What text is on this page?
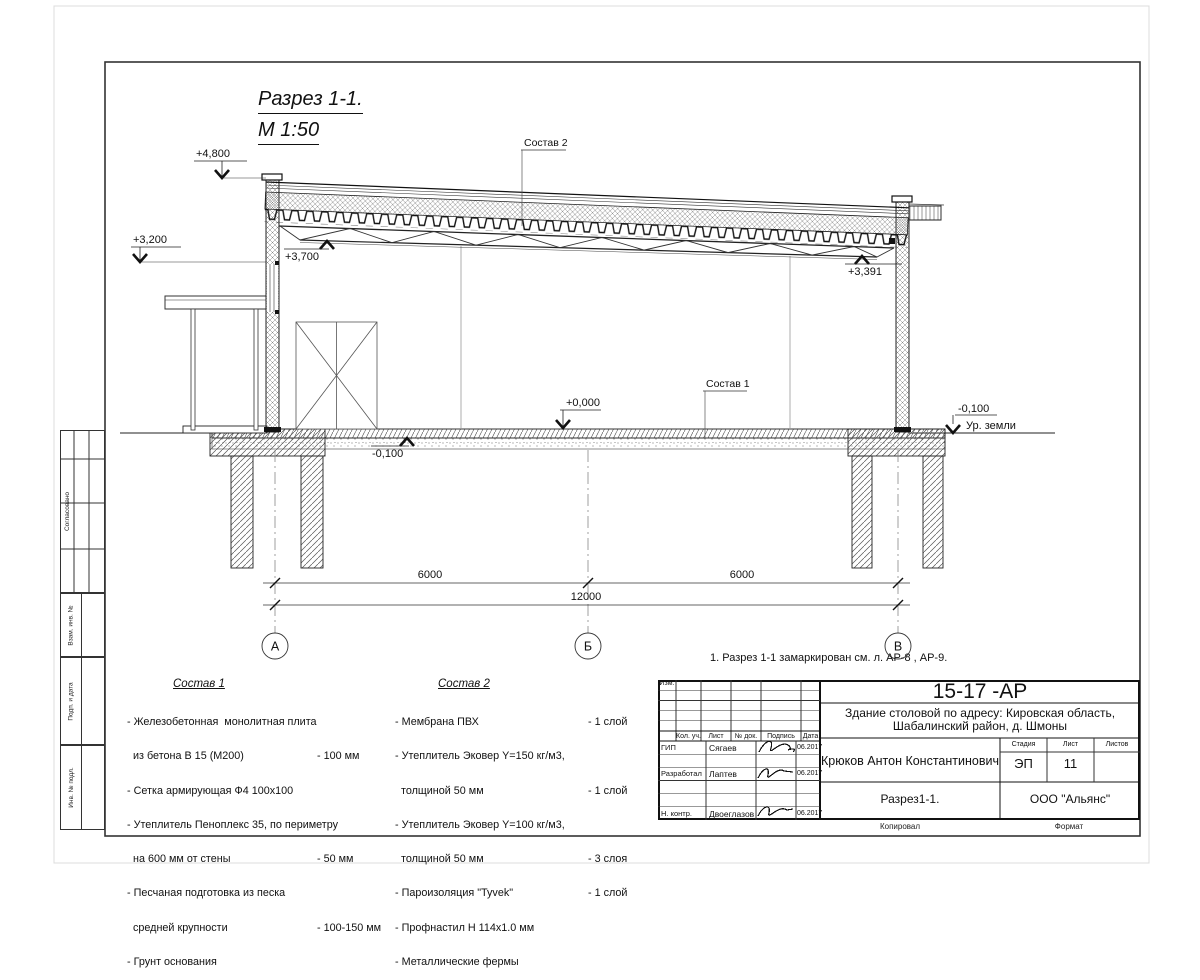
+4,800
+3,200
+3,700
+3,391
+0,000
-0,100
-0,100
Ур. земли
Состав 2
Состав 1
6000	6000
12000
А	Б	В
Разрез 1-1.
М 1:50
1. Разрез 1-1 замаркирован см. л. АР-8 , АР-9.

Состав 1

- Железобетонная  монолитная плита

из бетона В 15 (М200)	- 100 мм

- Сетка армирующая Ф4 100х100

- Утеплитель Пеноплекс 35, по периметру

на 600 мм от стены	- 50 мм

- Песчаная подготовка из песка

средней крупности	- 100-150 мм

- Грунт основания

Состав 2

- Мембрана ПВХ	- 1 слой

- Утеплитель Эковер Y=150 кг/м3,

толщиной 50 мм	- 1 слой

- Утеплитель Эковер Y=100 кг/м3,

толщиной 50 мм	- 3 слоя

- Пароизоляция "Tyvek"	- 1 слой

- Профнастил Н 114х1.0 мм

- Металлические фермы

Изм.
Кол. уч.	Лист	№ док.	Подпись	Дата
ГИП	Сягаев	06.2017
Разработал Лаптев	06.2017
Н. контр. Двоеглазов	06.2017
15-17 -АР
Здание столовой по адресу: Кировская область,
Шабалинский район, д. Шмоны
Крюков Антон Константинович
Стадия	Лист	Листов
ЭП	11
Разрез1-1.	ООО "Альянс"
Копировал	Формат
Согласовано
Взам. инв. №
Подп. и дата
Инв. № подл.
